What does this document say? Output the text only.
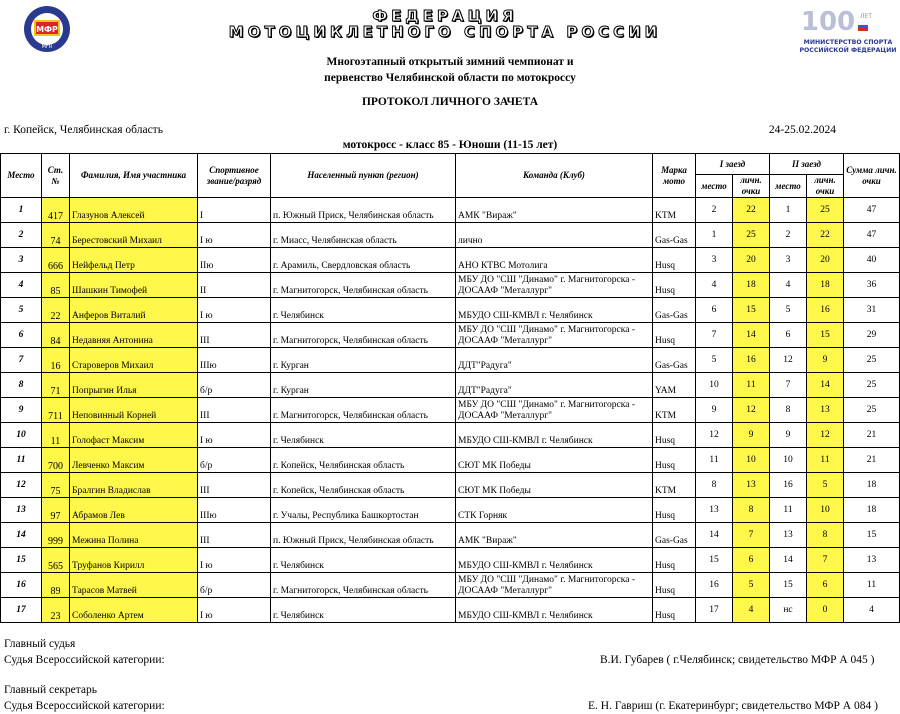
МФР
MFR
ФЕДЕРАЦИЯ
МОТОЦИКЛЕТНОГО СПОРТА РОССИИ	100 ЛЕТ
МИНИСТЕРСТВО СПОРТА
РОССИЙСКОЙ ФЕДЕРАЦИИ
Многоэтапный открытый зимний чемпионат и
первенство Челябинской области по мотокроссу
ПРОТОКОЛ ЛИЧНОГО ЗАЧЕТА
г. Копейск, Челябинская область	24-25.02.2024
мотокросс - класс 85 - Юноши (11-15 лет)
Место	Ст. №	Фамилия, Имя участника	Спортивное звание/разряд	Населенный пункт (регион)	Команда (Клуб)	Марка мото	I заезд		II заезд		Сумма личн. очки
							место	личн. очки	место	личн. очки	
1	417	Глазунов Алексей	I	п. Южный Приск, Челябинская область	АМК "Вираж"	KTM	2	22	1	25	47
2	74	Берестовский Михаил	I ю	г. Миасс, Челябинская область	лично	Gas-Gas	1	25	2	22	47
3	666	Нейфельд Петр	IIю	г. Арамиль, Свердловская область	АНО КТВС Мотолига	Husq	3	20	3	20	40
4	85	Шашкин Тимофей	II	г. Магнитогорск, Челябинская область	МБУ ДО "СШ "Динамо" г. Магнитогорска - ДОСААФ "Металлург"	Husq	4	18	4	18	36
5	22	Анферов Виталий	I ю	г. Челябинск	МБУДО СШ-КМВЛ г. Челябинск	Gas-Gas	6	15	5	16	31
6	84	Недавняя Антонина	III	г. Магнитогорск, Челябинская область	МБУ ДО "СШ "Динамо" г. Магнитогорска - ДОСААФ "Металлург"	Husq	7	14	6	15	29
7	16	Староверов Михаил	IIIю	г. Курган	ДДТ"Радуга"	Gas-Gas	5	16	12	9	25
8	71	Попрыгин Илья	б/р	г. Курган	ДДТ"Радуга"	YAM	10	11	7	14	25
9	711	Неповинный Корней	III	г. Магнитогорск, Челябинская область	МБУ ДО "СШ "Динамо" г. Магнитогорска - ДОСААФ "Металлург"	KTM	9	12	8	13	25
10	11	Голофаст Максим	I ю	г. Челябинск	МБУДО СШ-КМВЛ г. Челябинск	Husq	12	9	9	12	21
11	700	Левченко Максим	б/р	г. Копейск, Челябинская область	СЮТ МК Победы	Husq	11	10	10	11	21
12	75	Бралгин Владислав	III	г. Копейск, Челябинская область	СЮТ МК Победы	KTM	8	13	16	5	18
13	97	Абрамов Лев	IIIю	г. Учалы, Республика Башкортостан	СТК Горняк	Husq	13	8	11	10	18
14	999	Межина Полина	III	п. Южный Приск, Челябинская область	АМК "Вираж"	Gas-Gas	14	7	13	8	15
15	565	Труфанов Кирилл	I ю	г. Челябинск	МБУДО СШ-КМВЛ г. Челябинск	Husq	15	6	14	7	13
16	89	Тарасов Матвей	б/р	г. Магнитогорск, Челябинская область	МБУ ДО "СШ "Динамо" г. Магнитогорска - ДОСААФ "Металлург"	Husq	16	5	15	6	11
17	23	Соболенко Артем	I ю	г. Челябинск	МБУДО СШ-КМВЛ г. Челябинск	Husq	17	4	нс	0	4
Главный судья
Судья Всероссийской категории:	В.И. Губарев ( г.Челябинск; свидетельство МФР А 045 )
Главный секретарь
Судья Всероссийской категории:	Е. Н. Гавриш (г. Екатеринбург; свидетельство МФР А 084 )
